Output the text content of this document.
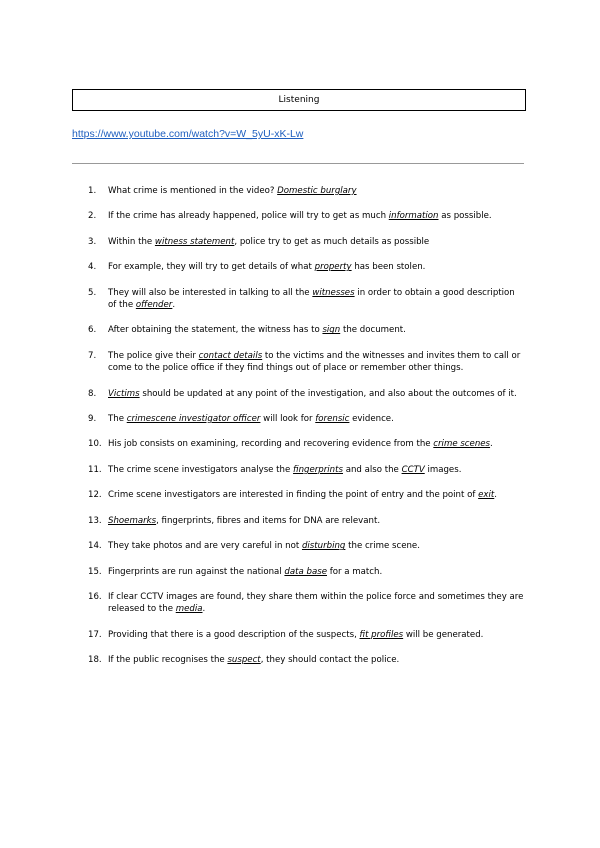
Listening
https://www.youtube.com/watch?v=W_5yU-xK-Lw
1.	What crime is mentioned in the video? Domestic burglary
2.	If the crime has already happened, police will try to get as much information as possible.
3.	Within the witness statement, police try to get as much details as possible
4.	For example, they will try to get details of what property has been stolen.
5.	They will also be interested in talking to all the witnesses in order to obtain a good description of the offender.
6.	After obtaining the statement, the witness has to sign the document.
7.	The police give their contact details to the victims and the witnesses and invites them to call or come to the police office if they find things out of place or remember other things.
8.	Victims should be updated at any point of the investigation, and also about the outcomes of it.
9.	The crimescene investigator officer will look for forensic evidence.
10. His job consists on examining, recording and recovering evidence from the crime scenes.
11. The crime scene investigators analyse the fingerprints and also the CCTV images.
12. Crime scene investigators are interested in finding the point of entry and the point of exit.
13. Shoemarks, fingerprints, fibres and items for DNA are relevant.
14. They take photos and are very careful in not disturbing the crime scene.
15. Fingerprints are run against the national data base for a match.
16. If clear CCTV images are found, they share them within the police force and sometimes they are released to the media.
17. Providing that there is a good description of the suspects, fit profiles will be generated.
18. If the public recognises the suspect, they should contact the police.
